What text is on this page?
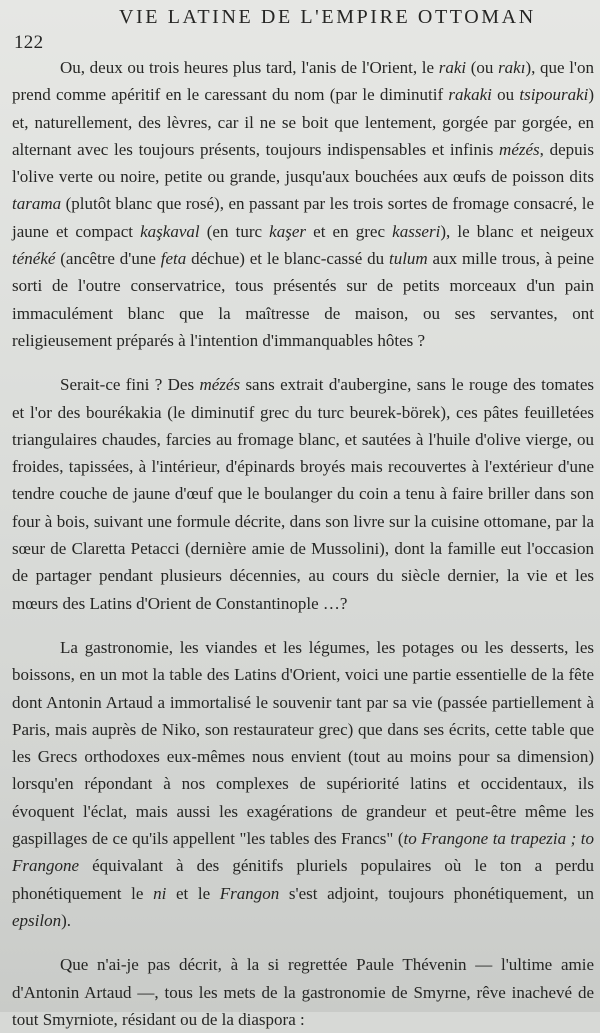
122
VIE LATINE DE L'EMPIRE OTTOMAN

Ou, deux ou trois heures plus tard, l'anis de l'Orient, le raki (ou rakı), que l'on prend comme apéritif en le caressant du nom (par le diminutif rakaki ou tsipouraki) et, naturellement, des lèvres, car il ne se boit que lentement, gorgée par gorgée, en alternant avec les toujours présents, toujours indispensables et infinis mézés, depuis l'olive verte ou noire, petite ou grande, jusqu'aux bouchées aux œufs de poisson dits tarama (plutôt blanc que rosé), en passant par les trois sortes de fromage consacré, le jaune et compact kaşkaval (en turc kaşer et en grec kasseri), le blanc et neigeux ténéké (ancêtre d'une feta déchue) et le blanc-cassé du tulum aux mille trous, à peine sorti de l'outre conservatrice, tous présentés sur de petits morceaux d'un pain immaculément blanc que la maîtresse de maison, ou ses servantes, ont religieusement préparés à l'intention d'immanquables hôtes ?

Serait-ce fini ? Des mézés sans extrait d'aubergine, sans le rouge des tomates et l'or des bourékakia (le diminutif grec du turc beurek-börek), ces pâtes feuilletées triangulaires chaudes, farcies au fromage blanc, et sautées à l'huile d'olive vierge, ou froides, tapissées, à l'intérieur, d'épinards broyés mais recouvertes à l'extérieur d'une tendre couche de jaune d'œuf que le boulanger du coin a tenu à faire briller dans son four à bois, suivant une formule décrite, dans son livre sur la cuisine ottomane, par la sœur de Claretta Petacci (dernière amie de Mussolini), dont la famille eut l'occasion de partager pendant plusieurs décennies, au cours du siècle dernier, la vie et les mœurs des Latins d'Orient de Constantinople …?

La gastronomie, les viandes et les légumes, les potages ou les desserts, les boissons, en un mot la table des Latins d'Orient, voici une partie essentielle de la fête dont Antonin Artaud a immortalisé le souvenir tant par sa vie (passée partiellement à Paris, mais auprès de Niko, son restaurateur grec) que dans ses écrits, cette table que les Grecs orthodoxes eux-mêmes nous envient (tout au moins pour sa dimension) lorsqu'en répondant à nos complexes de supériorité latins et occidentaux, ils évoquent l'éclat, mais aussi les exagérations de grandeur et peut-être même les gaspillages de ce qu'ils appellent "les tables des Francs" (to Frangone ta trapezia ; to Frangone équivalant à des génitifs pluriels populaires où le ton a perdu phonétiquement le ni et le Frangon s'est adjoint, toujours phonétiquement, un epsilon).

Que n'ai-je pas décrit, à la si regrettée Paule Thévenin — l'ultime amie d'Antonin Artaud —, tous les mets de la gastronomie de Smyrne, rêve inachevé de tout Smyrniote, résidant ou de la diaspora :
